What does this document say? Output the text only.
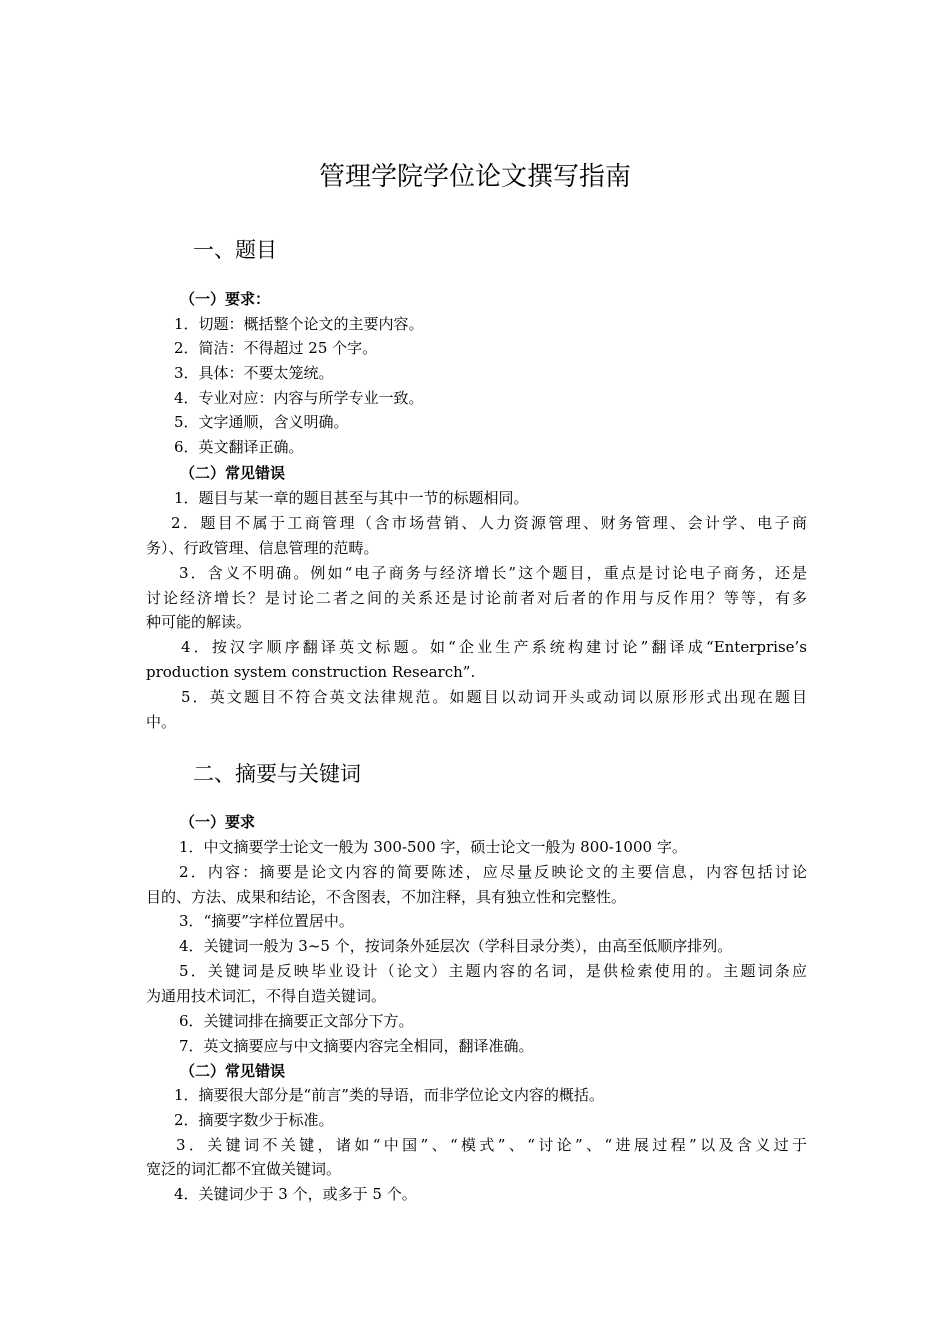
管理学院学位论文撰写指南
一、题目
（一）要求：
1．切题：概括整个论文的主要内容。
2．简洁：不得超过 25 个字。
3．具体：不要太笼统。
4．专业对应：内容与所学专业一致。
5．文字通顺，含义明确。
6．英文翻译正确。
（二）常见错误
1．题目与某一章的题目甚至与其中一节的标题相同。
2．题目不属于工商管理（含市场营销、人力资源管理、财务管理、会计学、电子商
务）、行政管理、信息管理的范畴。
3．含义不明确。例如“电子商务与经济增长”这个题目，重点是讨论电子商务，还是
讨论经济增长？是讨论二者之间的关系还是讨论前者对后者的作用与反作用？等等，有多
种可能的解读。
4．按汉字顺序翻译英文标题。如“企业生产系统构建讨论”翻译成“Enterprise’s
production system construction Research”.
5．英文题目不符合英文法律规范。如题目以动词开头或动词以原形形式出现在题目
中。
二、摘要与关键词
（一）要求
1．中文摘要学士论文一般为 300-500 字，硕士论文一般为 800-1000 字。
2．内容：摘要是论文内容的简要陈述，应尽量反映论文的主要信息，内容包括讨论
目的、方法、成果和结论，不含图表，不加注释，具有独立性和完整性。
3．“摘要”字样位置居中。
4．关键词一般为 3~5 个，按词条外延层次（学科目录分类），由高至低顺序排列。
5．关键词是反映毕业设计（论文）主题内容的名词，是供检索使用的。主题词条应
为通用技术词汇，不得自造关键词。
6．关键词排在摘要正文部分下方。
7．英文摘要应与中文摘要内容完全相同，翻译准确。
（二）常见错误
1．摘要很大部分是“前言”类的导语，而非学位论文内容的概括。
2．摘要字数少于标准。
3．关键词不关键，诸如“中国”、“模式”、“讨论”、“进展过程”以及含义过于
宽泛的词汇都不宜做关键词。
4．关键词少于 3 个，或多于 5 个。
